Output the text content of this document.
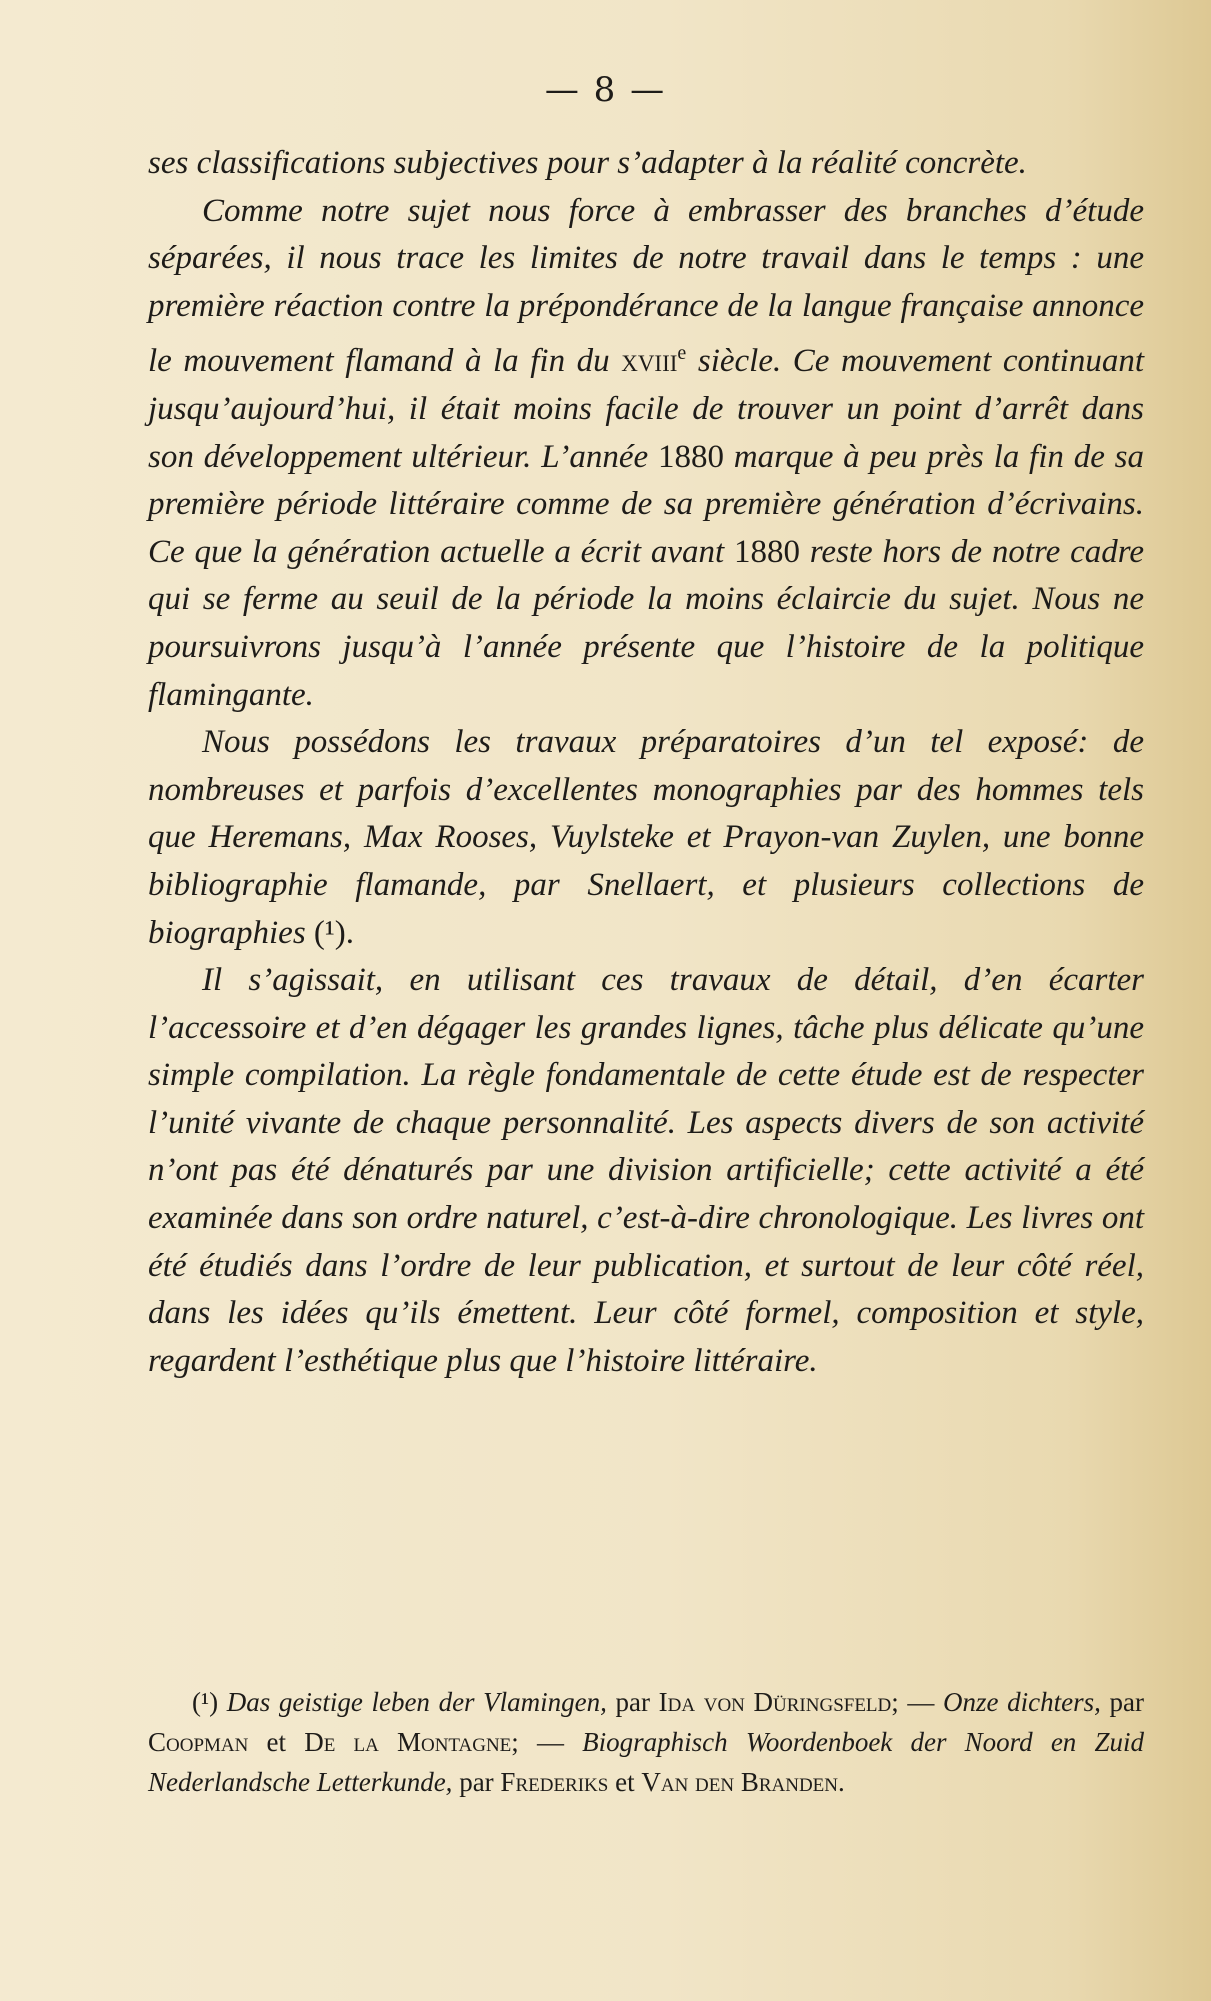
— 8 —

ses classifications subjectives pour s’adapter à la réalité concrète.

Comme notre sujet nous force à embrasser des branches d’étude séparées, il nous trace les limites de notre travail dans le temps : une première réaction contre la prépondérance de la langue française annonce le mouvement flamand à la fin du xviii$^e$ siècle. Ce mouvement continuant jusqu’aujourd’hui, il était moins facile de trouver un point d’arrêt dans son développement ultérieur. L’année 1880 marque à peu près la fin de sa première période littéraire comme de sa première génération d’écrivains. Ce que la génération actuelle a écrit avant 1880 reste hors de notre cadre qui se ferme au seuil de la période la moins éclaircie du sujet. Nous ne poursuivrons jusqu’à l’année présente que l’histoire de la politique flamingante.

Nous possédons les travaux préparatoires d’un tel exposé: de nombreuses et parfois d’excellentes monographies par des hommes tels que Heremans, Max Rooses, Vuylsteke et Prayon-van Zuylen, une bonne bibliographie flamande, par Snellaert, et plusieurs collections de biographies (¹).

Il s’agissait, en utilisant ces travaux de détail, d’en écarter l’accessoire et d’en dégager les grandes lignes, tâche plus délicate qu’une simple compilation. La règle fondamentale de cette étude est de respecter l’unité vivante de chaque personnalité. Les aspects divers de son activité n’ont pas été dénaturés par une division artificielle; cette activité a été examinée dans son ordre naturel, c’est-à-dire chronologique. Les livres ont été étudiés dans l’ordre de leur publication, et surtout de leur côté réel, dans les idées qu’ils émettent. Leur côté formel, composition et style, regardent l’esthétique plus que l’histoire littéraire.

(¹) Das geistige leben der Vlamingen, par Ida von Düringsfeld; — Onze dichters, par Coopman et De la Montagne; — Biographisch Woordenboek der Noord en Zuid Nederlandsche Letterkunde, par Frederiks et Van den Branden.
